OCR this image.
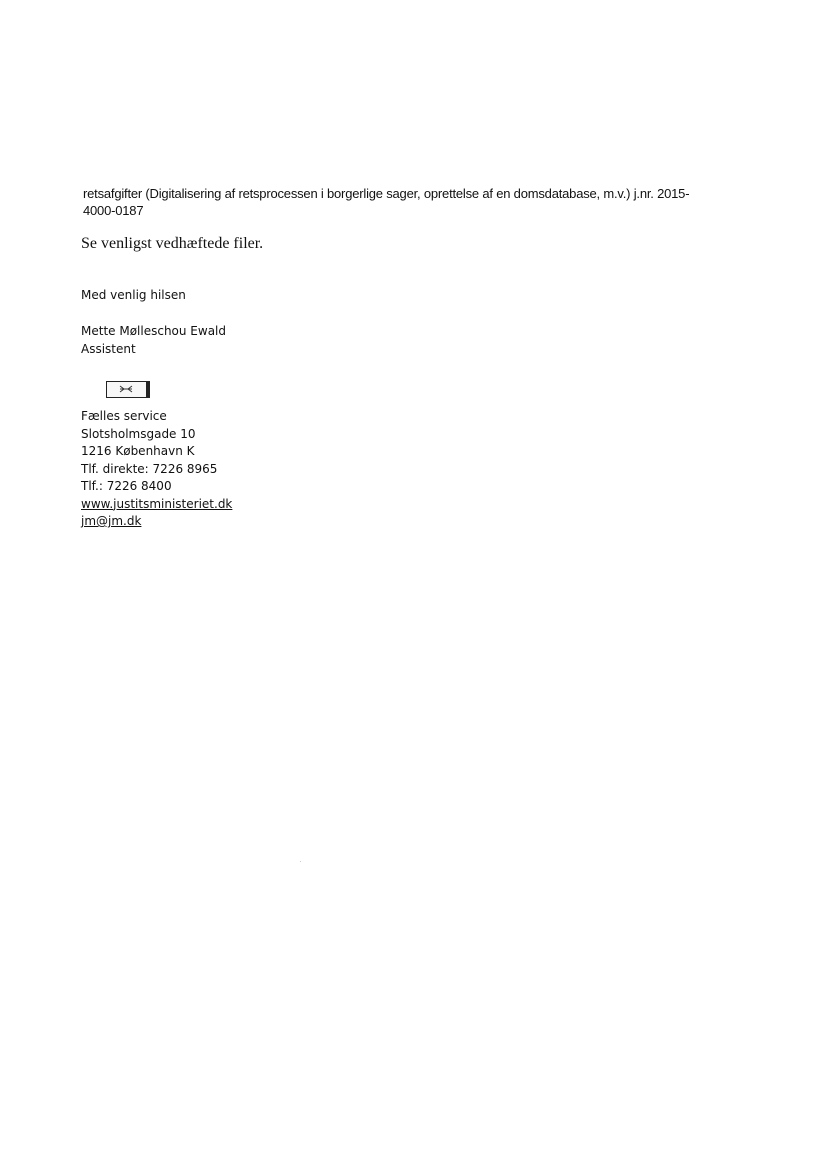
retsafgifter (Digitalisering af retsprocessen i borgerlige sager, oprettelse af en domsdatabase, m.v.) j.nr. 2015-
4000-0187
Se venligst vedhæftede filer.
Med venlig hilsen
Mette Mølleschou Ewald
Assistent
Fælles service
Slotsholmsgade 10
1216 København K
Tlf. direkte: 7226 8965
Tlf.: 7226 8400
www.justitsministeriet.dk
jm@jm.dk
